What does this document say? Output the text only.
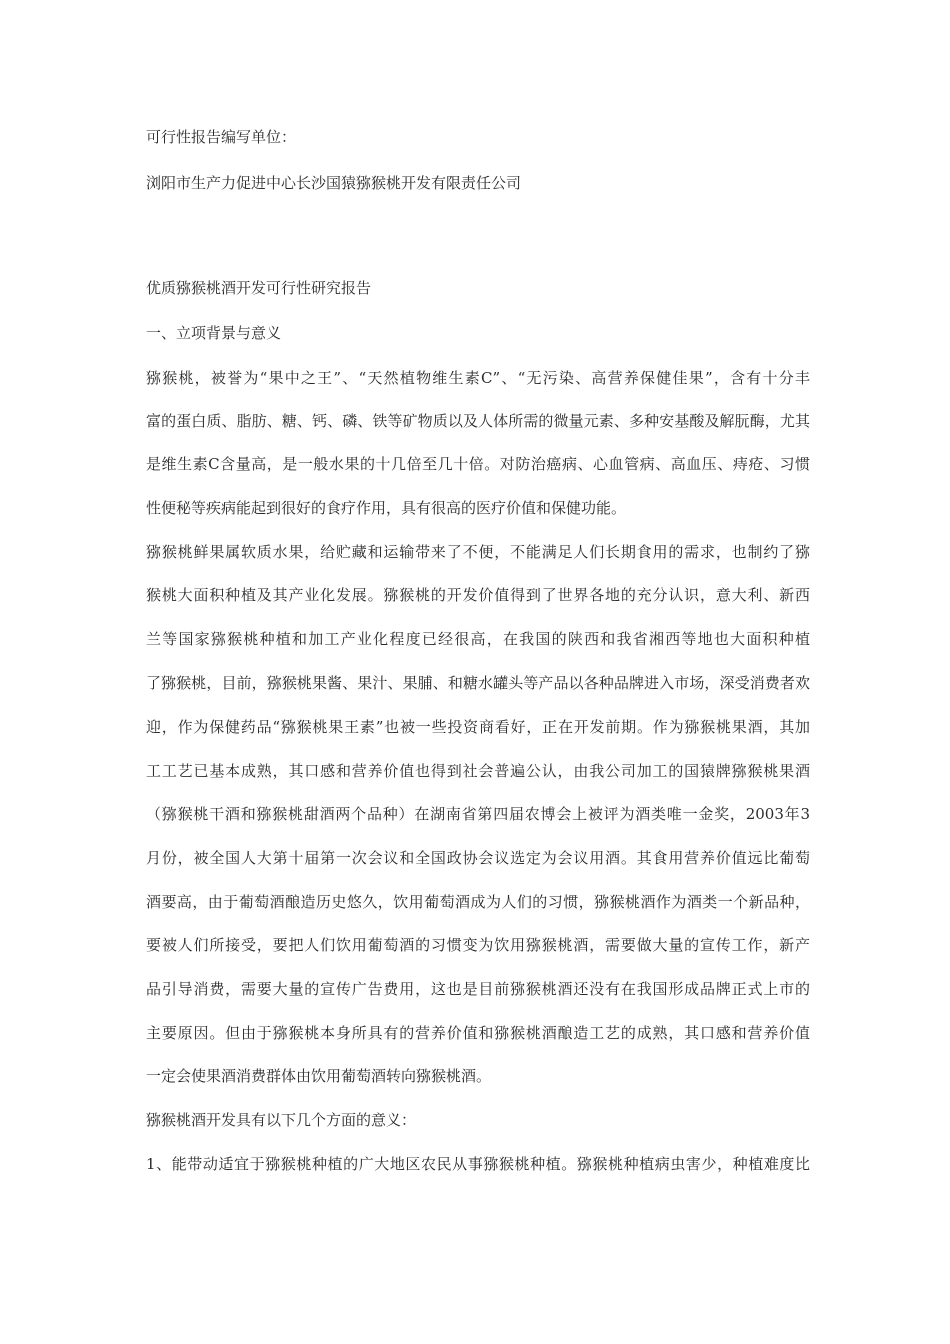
可行性报告编写单位：
浏阳市生产力促进中心长沙国猿猕猴桃开发有限责任公司
优质猕猴桃酒开发可行性研究报告
一、立项背景与意义
猕猴桃，被誉为“果中之王”、“天然植物维生素C”、“无污染、高营养保健佳果”，含有十分丰
富的蛋白质、脂肪、糖、钙、磷、铁等矿物质以及人体所需的微量元素、多种安基酸及解朊酶，尤其
是维生素C含量高，是一般水果的十几倍至几十倍。对防治癌病、心血管病、高血压、痔疮、习惯
性便秘等疾病能起到很好的食疗作用，具有很高的医疗价值和保健功能。
猕猴桃鲜果属软质水果，给贮藏和运输带来了不便，不能满足人们长期食用的需求，也制约了猕
猴桃大面积种植及其产业化发展。猕猴桃的开发价值得到了世界各地的充分认识，意大利、新西
兰等国家猕猴桃种植和加工产业化程度已经很高，在我国的陕西和我省湘西等地也大面积种植
了猕猴桃，目前，猕猴桃果酱、果汁、果脯、和糖水罐头等产品以各种品牌进入市场，深受消费者欢
迎，作为保健药品“猕猴桃果王素”也被一些投资商看好，正在开发前期。作为猕猴桃果酒，其加
工工艺已基本成熟，其口感和营养价值也得到社会普遍公认，由我公司加工的国猿牌猕猴桃果酒
（猕猴桃干酒和猕猴桃甜酒两个品种）在湖南省第四届农博会上被评为酒类唯一金奖，2003年3
月份，被全国人大第十届第一次会议和全国政协会议选定为会议用酒。其食用营养价值远比葡萄
酒要高，由于葡萄酒酿造历史悠久，饮用葡萄酒成为人们的习惯，猕猴桃酒作为酒类一个新品种，
要被人们所接受，要把人们饮用葡萄酒的习惯变为饮用猕猴桃酒，需要做大量的宣传工作，新产
品引导消费，需要大量的宣传广告费用，这也是目前猕猴桃酒还没有在我国形成品牌正式上市的
主要原因。但由于猕猴桃本身所具有的营养价值和猕猴桃酒酿造工艺的成熟，其口感和营养价值
一定会使果酒消费群体由饮用葡萄酒转向猕猴桃酒。
猕猴桃酒开发具有以下几个方面的意义：
1、能带动适宜于猕猴桃种植的广大地区农民从事猕猴桃种植。猕猴桃种植病虫害少，种植难度比
